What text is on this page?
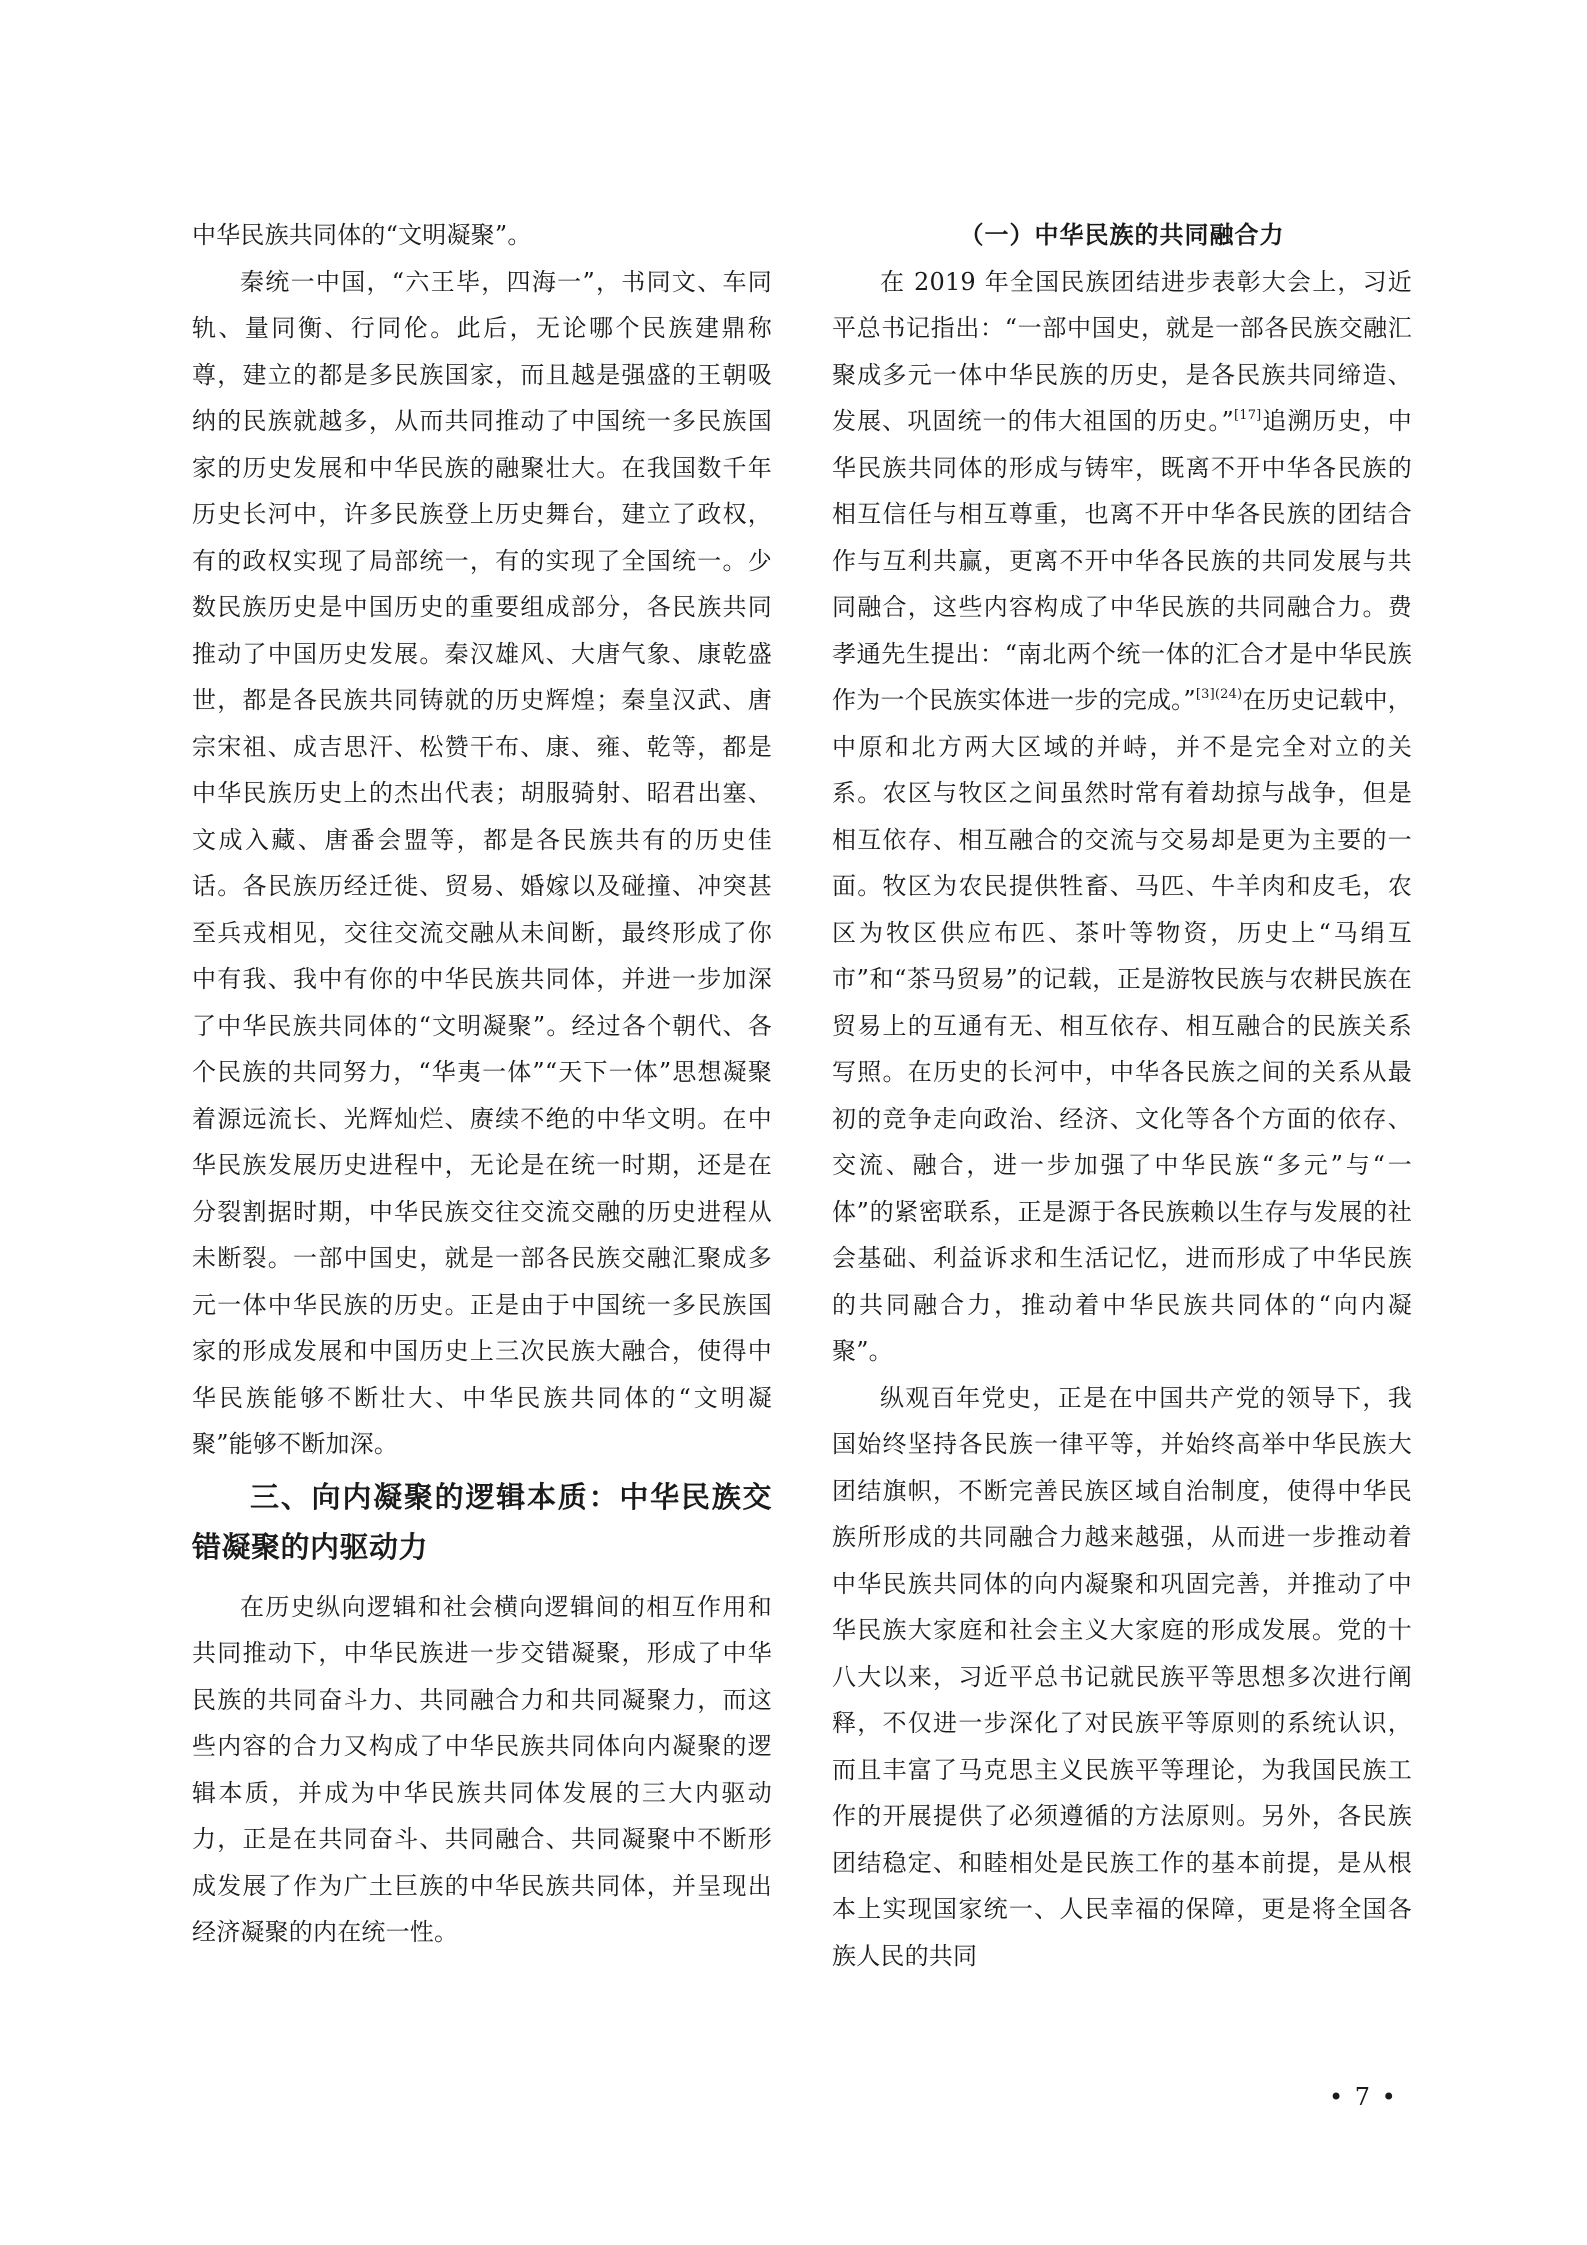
中华民族共同体的“文明凝聚”。

秦统一中国，“六王毕，四海一”，书同文、车同轨、量同衡、行同伦。此后，无论哪个民族建鼎称尊，建立的都是多民族国家，而且越是强盛的王朝吸纳的民族就越多，从而共同推动了中国统一多民族国家的历史发展和中华民族的融聚壮大。在我国数千年历史长河中，许多民族登上历史舞台，建立了政权，有的政权实现了局部统一，有的实现了全国统一。少数民族历史是中国历史的重要组成部分，各民族共同推动了中国历史发展。秦汉雄风、大唐气象、康乾盛世，都是各民族共同铸就的历史辉煌；秦皇汉武、唐宗宋祖、成吉思汗、松赞干布、康、雍、乾等，都是中华民族历史上的杰出代表；胡服骑射、昭君出塞、文成入藏、唐番会盟等，都是各民族共有的历史佳话。各民族历经迁徙、贸易、婚嫁以及碰撞、冲突甚至兵戎相见，交往交流交融从未间断，最终形成了你中有我、我中有你的中华民族共同体，并进一步加深了中华民族共同体的“文明凝聚”。经过各个朝代、各个民族的共同努力，“华夷一体”“天下一体”思想凝聚着源远流长、光辉灿烂、赓续不绝的中华文明。在中华民族发展历史进程中，无论是在统一时期，还是在分裂割据时期，中华民族交往交流交融的历史进程从未断裂。一部中国史，就是一部各民族交融汇聚成多元一体中华民族的历史。正是由于中国统一多民族国家的形成发展和中国历史上三次民族大融合，使得中华民族能够不断壮大、中华民族共同体的“文明凝聚”能够不断加深。

三、向内凝聚的逻辑本质：中华民族交错凝聚的内驱动力

在历史纵向逻辑和社会横向逻辑间的相互作用和共同推动下，中华民族进一步交错凝聚，形成了中华民族的共同奋斗力、共同融合力和共同凝聚力，而这些内容的合力又构成了中华民族共同体向内凝聚的逻辑本质，并成为中华民族共同体发展的三大内驱动力，正是在共同奋斗、共同融合、共同凝聚中不断形成发展了作为广土巨族的中华民族共同体，并呈现出经济凝聚的内在统一性。

（一）中华民族的共同融合力

在 2019 年全国民族团结进步表彰大会上，习近平总书记指出：“一部中国史，就是一部各民族交融汇聚成多元一体中华民族的历史，是各民族共同缔造、发展、巩固统一的伟大祖国的历史。”[17]追溯历史，中华民族共同体的形成与铸牢，既离不开中华各民族的相互信任与相互尊重，也离不开中华各民族的团结合作与互利共赢，更离不开中华各民族的共同发展与共同融合，这些内容构成了中华民族的共同融合力。费孝通先生提出：“南北两个统一体的汇合才是中华民族作为一个民族实体进一步的完成。”$^{[3](24)}$在历史记载中，中原和北方两大区域的并峙，并不是完全对立的关系。农区与牧区之间虽然时常有着劫掠与战争，但是相互依存、相互融合的交流与交易却是更为主要的一面。牧区为农民提供牲畜、马匹、牛羊肉和皮毛，农区为牧区供应布匹、茶叶等物资，历史上“马绢互市”和“茶马贸易”的记载，正是游牧民族与农耕民族在贸易上的互通有无、相互依存、相互融合的民族关系写照。在历史的长河中，中华各民族之间的关系从最初的竞争走向政治、经济、文化等各个方面的依存、交流、融合，进一步加强了中华民族“多元”与“一体”的紧密联系，正是源于各民族赖以生存与发展的社会基础、利益诉求和生活记忆，进而形成了中华民族的共同融合力，推动着中华民族共同体的“向内凝聚”。

纵观百年党史，正是在中国共产党的领导下，我国始终坚持各民族一律平等，并始终高举中华民族大团结旗帜，不断完善民族区域自治制度，使得中华民族所形成的共同融合力越来越强，从而进一步推动着中华民族共同体的向内凝聚和巩固完善，并推动了中华民族大家庭和社会主义大家庭的形成发展。党的十八大以来，习近平总书记就民族平等思想多次进行阐释，不仅进一步深化了对民族平等原则的系统认识，而且丰富了马克思主义民族平等理论，为我国民族工作的开展提供了必须遵循的方法原则。另外，各民族团结稳定、和睦相处是民族工作的基本前提，是从根本上实现国家统一、人民幸福的保障，更是将全国各族人民的共同

• 7 •
